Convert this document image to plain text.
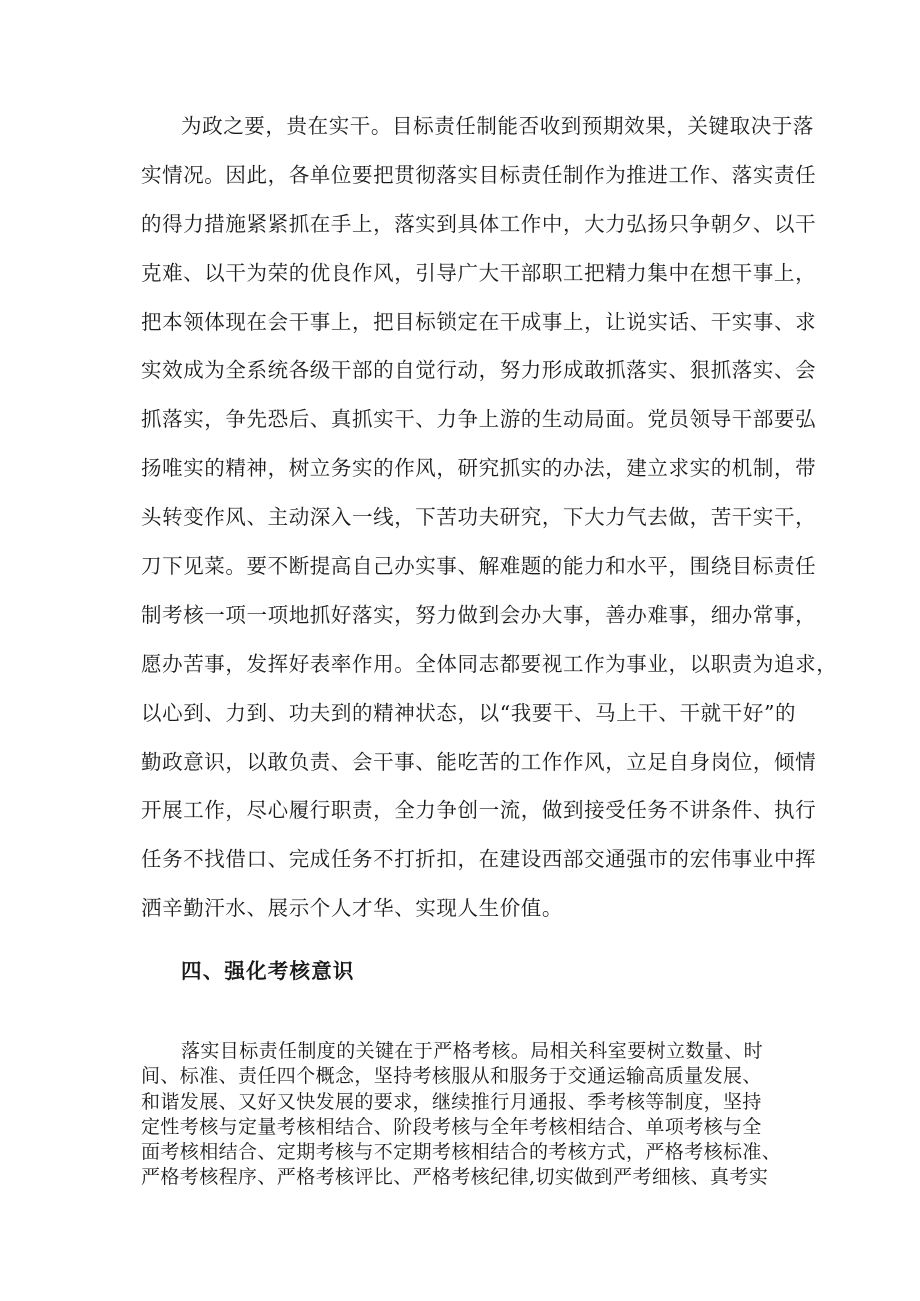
为政之要，贵在实干。目标责任制能否收到预期效果，关键取决于落
实情况。因此，各单位要把贯彻落实目标责任制作为推进工作、落实责任
的得力措施紧紧抓在手上，落实到具体工作中，大力弘扬只争朝夕、以干
克难、以干为荣的优良作风，引导广大干部职工把精力集中在想干事上，
把本领体现在会干事上，把目标锁定在干成事上，让说实话、干实事、求
实效成为全系统各级干部的自觉行动，努力形成敢抓落实、狠抓落实、会
抓落实，争先恐后、真抓实干、力争上游的生动局面。党员领导干部要弘
扬唯实的精神，树立务实的作风，研究抓实的办法，建立求实的机制，带
头转变作风、主动深入一线，下苦功夫研究，下大力气去做，苦干实干，
刀下见菜。要不断提高自己办实事、解难题的能力和水平，围绕目标责任
制考核一项一项地抓好落实，努力做到会办大事，善办难事，细办常事，
愿办苦事，发挥好表率作用。全体同志都要视工作为事业，以职责为追求，
以心到、力到、功夫到的精神状态，以“我要干、马上干、干就干好”的
勤政意识，以敢负责、会干事、能吃苦的工作作风，立足自身岗位，倾情
开展工作，尽心履行职责，全力争创一流，做到接受任务不讲条件、执行
任务不找借口、完成任务不打折扣，在建设西部交通强市的宏伟事业中挥
洒辛勤汗水、展示个人才华、实现人生价值。
四、强化考核意识
落实目标责任制度的关键在于严格考核。局相关科室要树立数量、时
间、标准、责任四个概念，坚持考核服从和服务于交通运输高质量发展、
和谐发展、又好又快发展的要求，继续推行月通报、季考核等制度，坚持
定性考核与定量考核相结合、阶段考核与全年考核相结合、单项考核与全
面考核相结合、定期考核与不定期考核相结合的考核方式，严格考核标准、
严格考核程序、严格考核评比、严格考核纪律,切实做到严考细核、真考实
